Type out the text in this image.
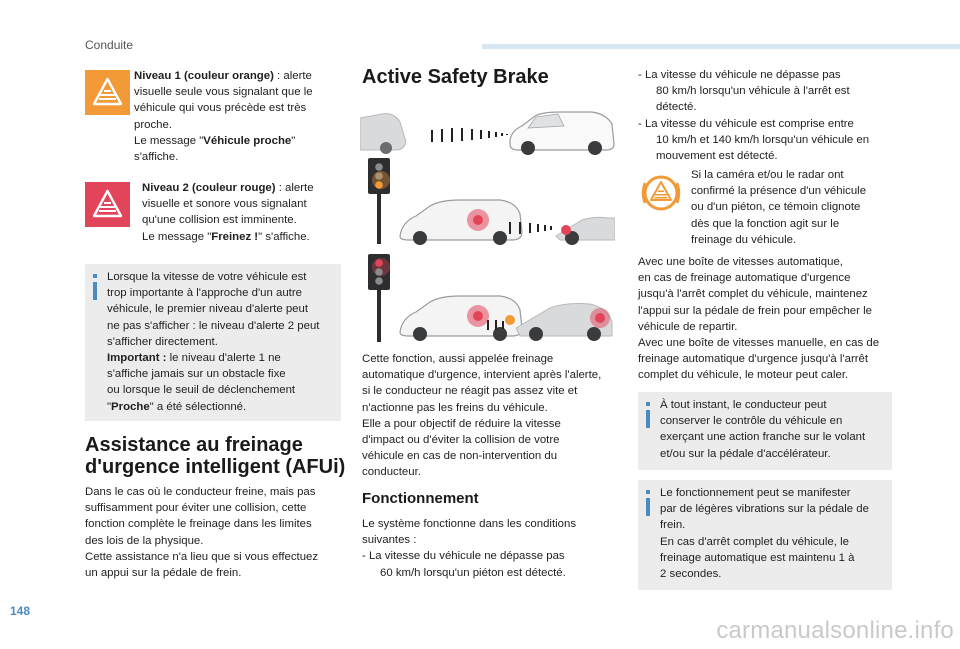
Conduite
Niveau 1 (couleur orange) : alerte
visuelle seule vous signalant que le
véhicule qui vous précède est très
proche.
Le message "Véhicule proche"
s'affiche.
Niveau 2 (couleur rouge) : alerte
visuelle et sonore vous signalant
qu'une collision est imminente.
Le message "Freinez !" s'affiche.
Lorsque la vitesse de votre véhicule est
trop importante à l'approche d'un autre
véhicule, le premier niveau d'alerte peut
ne pas s'afficher : le niveau d'alerte 2 peut
s'afficher directement.
Important : le niveau d'alerte 1 ne
s'affiche jamais sur un obstacle fixe
ou lorsque le seuil de déclenchement
"Proche" a été sélectionné.
Assistance au freinage
d'urgence intelligent (AFUi)
Dans le cas où le conducteur freine, mais pas
suffisamment pour éviter une collision, cette
fonction complète le freinage dans les limites
des lois de la physique.
Cette assistance n'a lieu que si vous effectuez
un appui sur la pédale de frein.
Active Safety Brake
Cette fonction, aussi appelée freinage
automatique d'urgence, intervient après l'alerte,
si le conducteur ne réagit pas assez vite et
n'actionne pas les freins du véhicule.
Elle a pour objectif de réduire la vitesse
d'impact ou d'éviter la collision de votre
véhicule en cas de non-intervention du
conducteur.
Fonctionnement
Le système fonctionne dans les conditions
suivantes :
- La vitesse du véhicule ne dépasse pas
60 km/h lorsqu'un piéton est détecté.
- La vitesse du véhicule ne dépasse pas
80 km/h lorsqu'un véhicule à l'arrêt est
détecté.
- La vitesse du véhicule est comprise entre
10 km/h et 140 km/h lorsqu'un véhicule en
mouvement est détecté.
Si la caméra et/ou le radar ont
confirmé la présence d'un véhicule
ou d'un piéton, ce témoin clignote
dès que la fonction agit sur le
freinage du véhicule.
Avec une boîte de vitesses automatique,
en cas de freinage automatique d'urgence
jusqu'à l'arrêt complet du véhicule, maintenez
l'appui sur la pédale de frein pour empêcher le
véhicule de repartir.
Avec une boîte de vitesses manuelle, en cas de
freinage automatique d'urgence jusqu'à l'arrêt
complet du véhicule, le moteur peut caler.
À tout instant, le conducteur peut
conserver le contrôle du véhicule en
exerçant une action franche sur le volant
et/ou sur la pédale d'accélérateur.
Le fonctionnement peut se manifester
par de légères vibrations sur la pédale de
frein.
En cas d'arrêt complet du véhicule, le
freinage automatique est maintenu 1 à
2 secondes.
148
carmanualsonline.info
